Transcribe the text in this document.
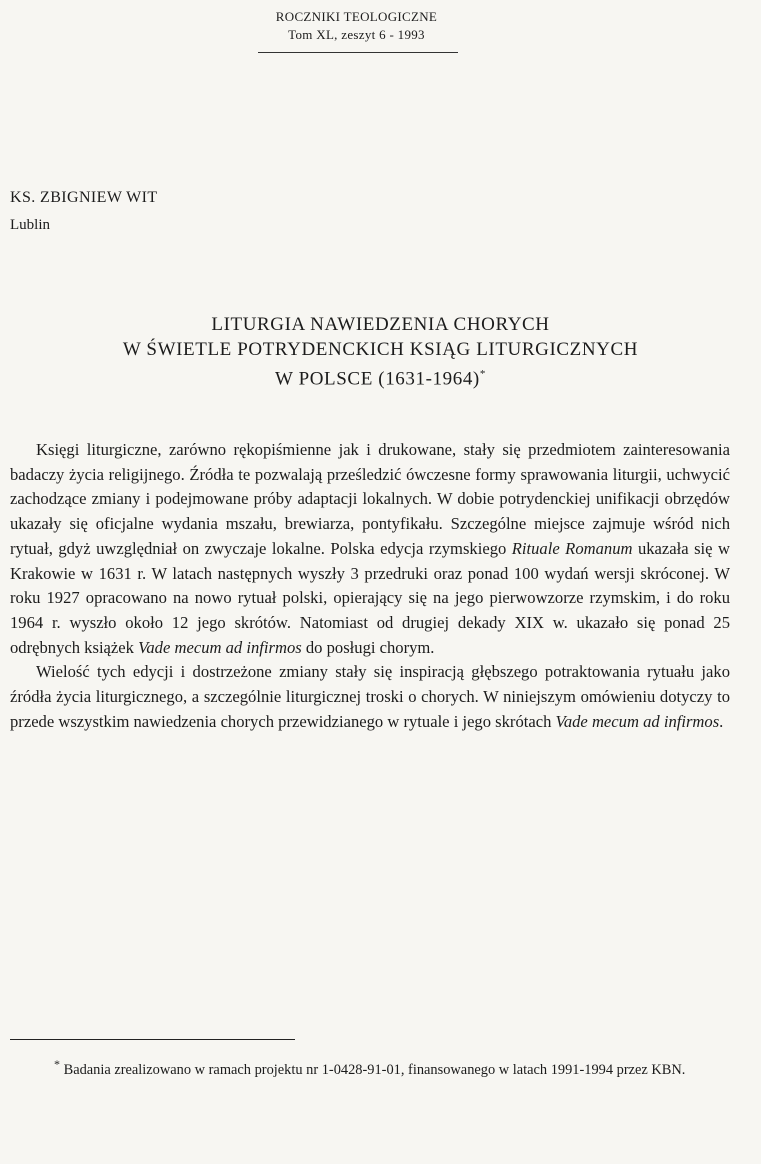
ROCZNIKI TEOLOGICZNE
Tom XL, zeszyt 6 - 1993
KS. ZBIGNIEW WIT
Lublin
LITURGIA NAWIEDZENIA CHORYCH
W ŚWIETLE POTRYDENCKICH KSIĄG LITURGICZNYCH
W POLSCE (1631-1964)*

Księgi liturgiczne, zarówno rękopiśmienne jak i drukowane, stały się przedmiotem zainteresowania badaczy życia religijnego. Źródła te pozwalają prześledzić ówczesne formy sprawowania liturgii, uchwycić zachodzące zmiany i podejmowane próby adaptacji lokalnych. W dobie potrydenckiej unifikacji obrzędów ukazały się oficjalne wydania mszału, brewiarza, pontyfikału. Szczególne miejsce zajmuje wśród nich rytuał, gdyż uwzględniał on zwyczaje lokalne. Polska edycja rzymskiego Rituale Romanum ukazała się w Krakowie w 1631 r. W latach następnych wyszły 3 przedruki oraz ponad 100 wydań wersji skróconej. W roku 1927 opracowano na nowo rytuał polski, opierający się na jego pierwowzorze rzymskim, i do roku 1964 r. wyszło około 12 jego skrótów. Natomiast od drugiej dekady XIX w. ukazało się ponad 25 odrębnych książek Vade mecum ad infirmos do posługi chorym.

Wielość tych edycji i dostrzeżone zmiany stały się inspiracją głębszego potraktowania rytuału jako źródła życia liturgicznego, a szczególnie liturgicznej troski o chorych. W niniejszym omówieniu dotyczy to przede wszystkim nawiedzenia chorych przewidzianego w rytuale i jego skrótach Vade mecum ad infirmos.

* Badania zrealizowano w ramach projektu nr 1-0428-91-01, finansowanego w latach 1991-1994 przez KBN.
